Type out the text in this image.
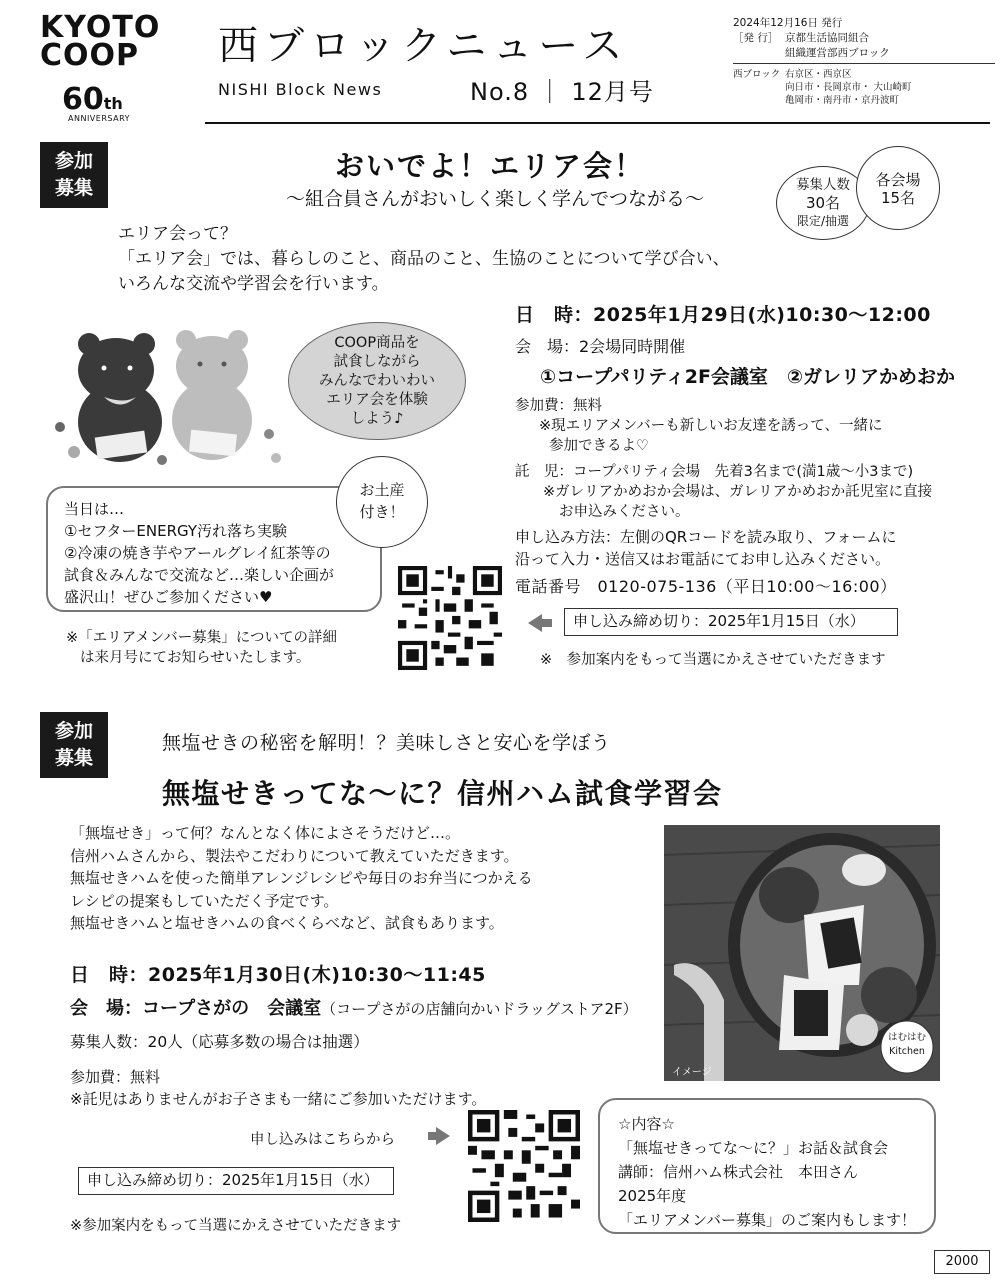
KYOTO
COOP
60th
ANNIVERSARY
西ブロックニュース
NISHI Block News	No.8 ｜ 12月号
2024年12月16日 発行
［発 行］ 京都生活協同組合
組織運営部西ブロック
西ブロック 右京区・西京区
向日市・長岡京市・ 大山崎町
亀岡市・南丹市・京丹波町
参加
募集
おいでよ！エリア会！
～組合員さんがおいしく楽しく学んでつながる～
募集人数
30名
限定/抽選
各会場
15名
エリア会って？
「エリア会」では、暮らしのこと、商品のこと、生協のことについて学び合い、
いろんな交流や学習会を行います。
COOP商品を
試食しながら
みんなでわいわい
エリア会を体験
しよう♪
当日は…
①セフターENERGY汚れ落ち実験
②冷凍の焼き芋やアールグレイ紅茶等の
試食＆みんなで交流など…楽しい企画が
盛沢山！ぜひご参加ください♥
お土産
付き！
※「エリアメンバー募集」についての詳細
は来月号にてお知らせいたします。
日　時：2025年1月29日(水)10:30～12:00
会　場：2会場同時開催
①コープパリティ2F会議室　②ガレリアかめおか
参加費：無料
※現エリアメンバーも新しいお友達を誘って、一緒に
参加できるよ♡
託　児：コープパリティ会場　先着3名まで(満1歳～小3まで)
※ガレリアかめおか会場は、ガレリアかめおか託児室に直接
お申込みください。
申し込み方法：左側のQRコードを読み取り、フォームに
沿って入力・送信又はお電話にてお申し込みください。
電話番号　0120-075-136（平日10:00～16:00）
申し込み締め切り：2025年1月15日（水）
※　参加案内をもって当選にかえさせていただきます
参加
募集
無塩せきの秘密を解明！？美味しさと安心を学ぼう
無塩せきってな～に？信州ハム試食学習会
「無塩せき」って何？なんとなく体によさそうだけど…。
信州ハムさんから、製法やこだわりについて教えていただきます。
無塩せきハムを使った簡単アレンジレシピや毎日のお弁当につかえる
レシピの提案もしていただく予定です。
無塩せきハムと塩せきハムの食べくらべなど、試食もあります。
日　時：2025年1月30日(木)10:30～11:45
会　場：コープさがの　会議室（コープさがの店舗向かいドラッグストア2F）
募集人数：20人（応募多数の場合は抽選）
参加費：無料
※託児はありませんがお子さまも一緒にご参加いただけます。
申し込みはこちらから
申し込み締め切り：2025年1月15日（水）
※参加案内をもって当選にかえさせていただきます
イメージ
はむはむ
Kitchen
☆内容☆
「無塩せきってな～に？」お話＆試食会
講師：信州ハム株式会社　本田さん
2025年度
「エリアメンバー募集」のご案内もします！
2000
